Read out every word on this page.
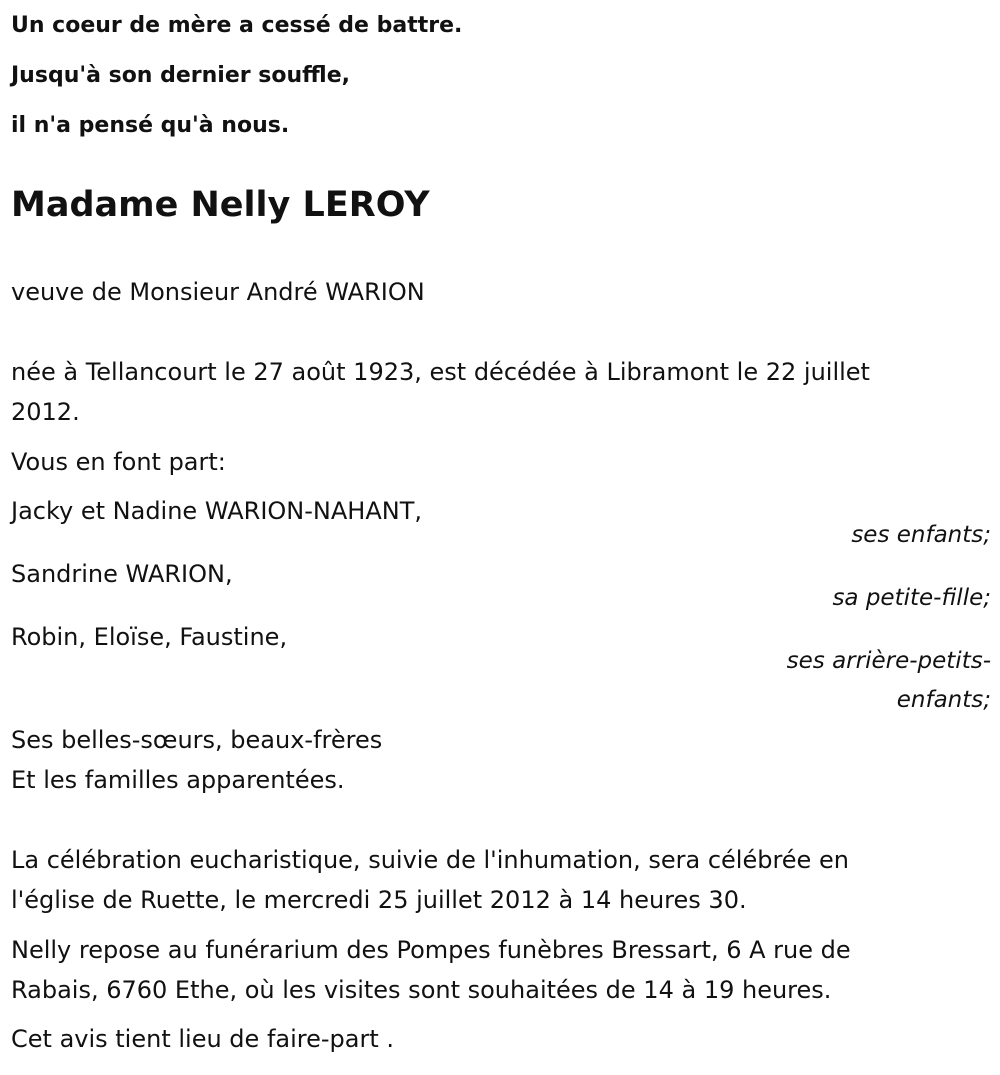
Un coeur de mère a cessé de battre.

Jusqu'à son dernier souffle,

il n'a pensé qu'à nous.

Madame Nelly LEROY

veuve de Monsieur André WARION

née à Tellancourt le 27 août 1923, est décédée à Libramont le 22 juillet

2012.

Vous en font part:

Jacky et Nadine WARION-NAHANT,

ses enfants;

Sandrine WARION,

sa petite-fille;

Robin, Eloïse, Faustine,

ses arrière-petits-

enfants;

Ses belles-sœurs, beaux-frères

Et les familles apparentées.

La célébration eucharistique, suivie de l'inhumation, sera célébrée en

l'église de Ruette, le mercredi 25 juillet 2012 à 14 heures 30.

Nelly repose au funérarium des Pompes funèbres Bressart, 6 A rue de

Rabais, 6760 Ethe, où les visites sont souhaitées de 14 à 19 heures.

Cet avis tient lieu de faire-part .
